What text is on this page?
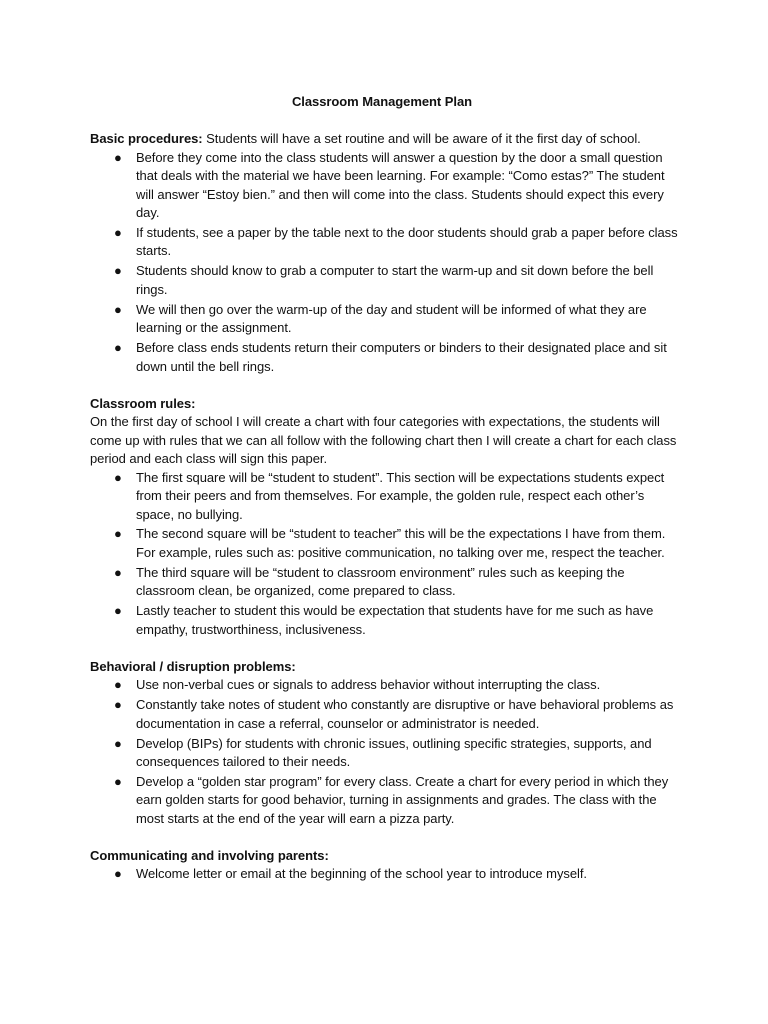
Classroom Management Plan

Basic procedures: Students will have a set routine and will be aware of it the first day of school.

● Before they come into the class students will answer a question by the door a small question that deals with the material we have been learning. For example: “Como estas?” The student will answer “Estoy bien.” and then will come into the class. Students should expect this every day.
● If students, see a paper by the table next to the door students should grab a paper before class starts.
● Students should know to grab a computer to start the warm-up and sit down before the bell rings.
● We will then go over the warm-up of the day and student will be informed of what they are learning or the assignment.
● Before class ends students return their computers or binders to their designated place and sit down until the bell rings.

Classroom rules:

On the first day of school I will create a chart with four categories with expectations, the students will come up with rules that we can all follow with the following chart then I will create a chart for each class period and each class will sign this paper.

● The first square will be “student to student”. This section will be expectations students expect from their peers and from themselves. For example, the golden rule, respect each other’s space, no bullying.
● The second square will be “student to teacher” this will be the expectations I have from them. For example, rules such as: positive communication, no talking over me, respect the teacher.
● The third square will be “student to classroom environment” rules such as keeping the classroom clean, be organized, come prepared to class.
● Lastly teacher to student this would be expectation that students have for me such as have empathy, trustworthiness, inclusiveness.

Behavioral / disruption problems:

● Use non-verbal cues or signals to address behavior without interrupting the class.
● Constantly take notes of student who constantly are disruptive or have behavioral problems as documentation in case a referral, counselor or administrator is needed.
● Develop (BIPs) for students with chronic issues, outlining specific strategies, supports, and consequences tailored to their needs.
● Develop a “golden star program” for every class. Create a chart for every period in which they earn golden starts for good behavior, turning in assignments and grades. The class with the most starts at the end of the year will earn a pizza party.

Communicating and involving parents:

● Welcome letter or email at the beginning of the school year to introduce myself.
